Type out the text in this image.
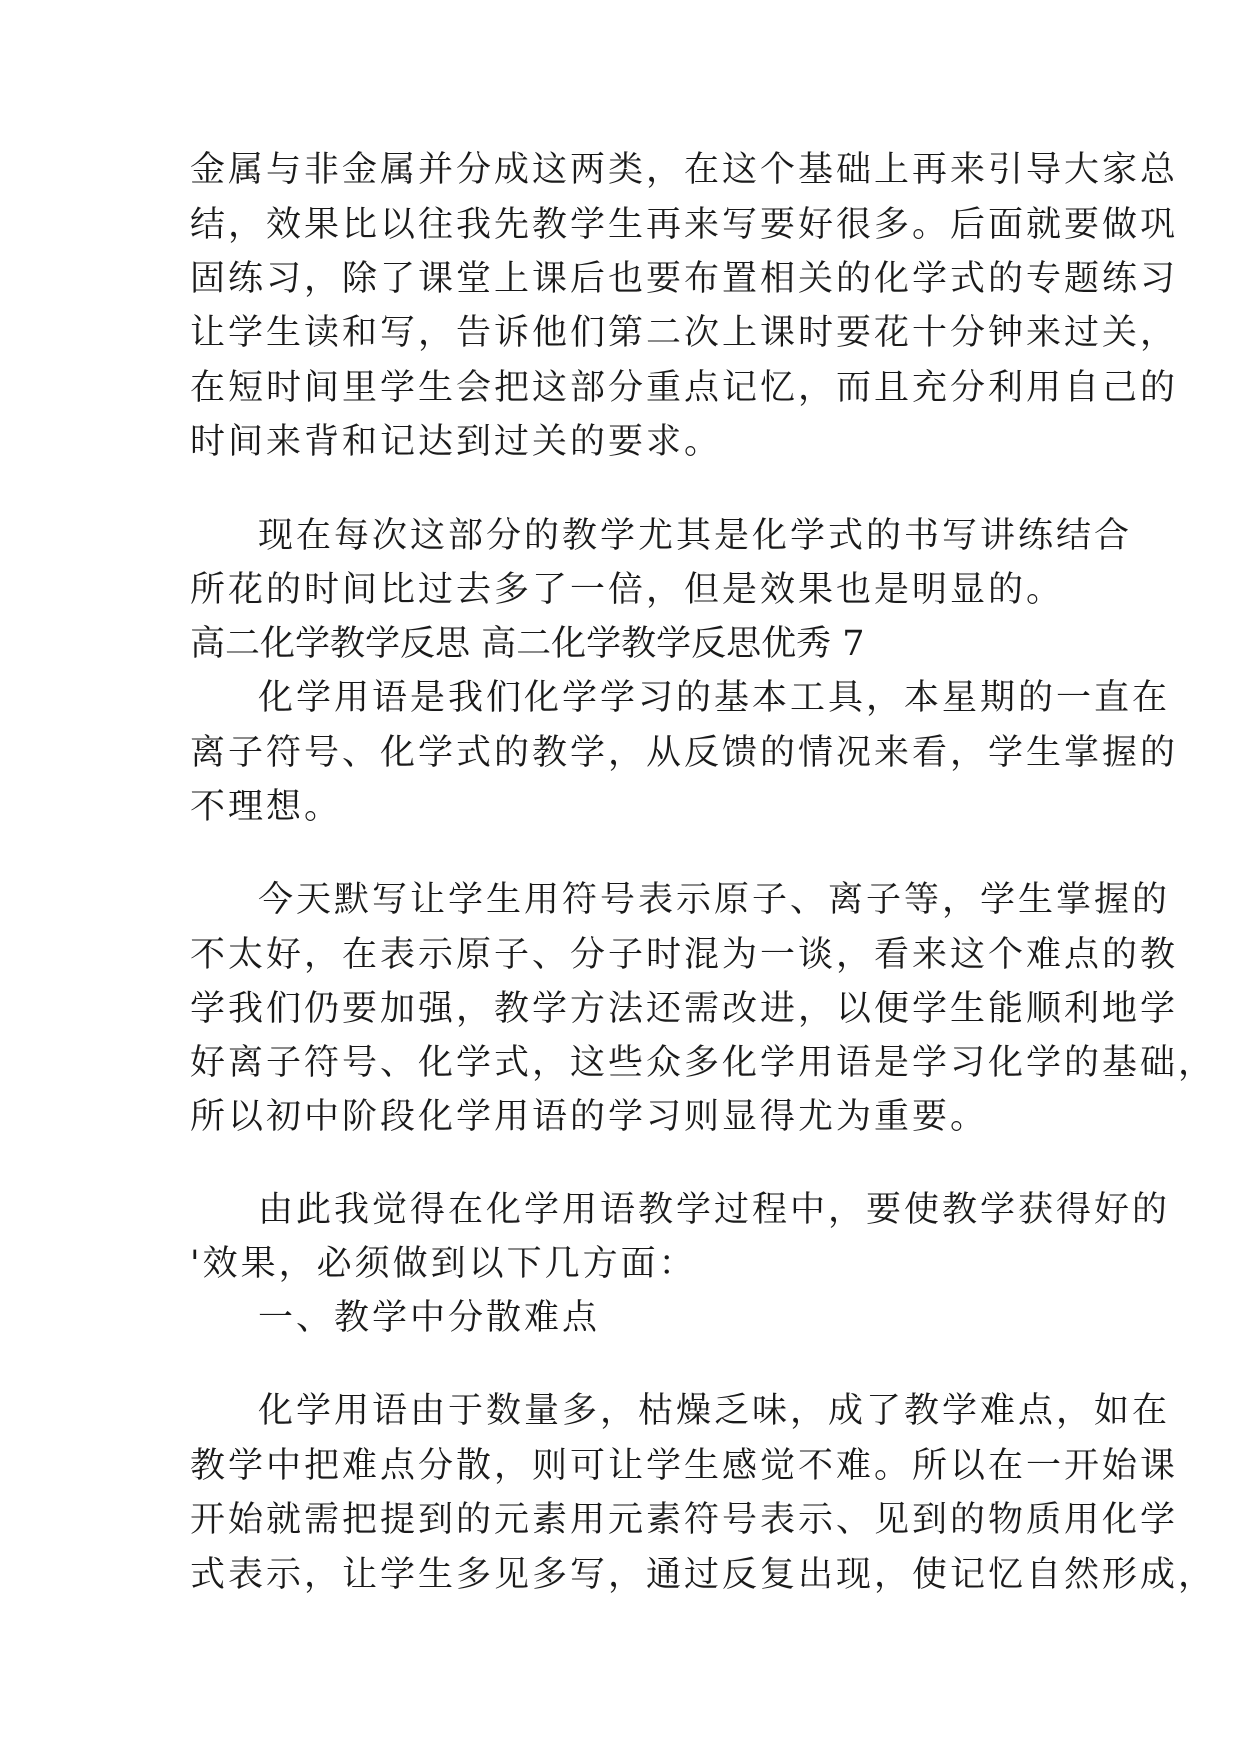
金属与非金属并分成这两类，在这个基础上再来引导大家总
结，效果比以往我先教学生再来写要好很多。后面就要做巩
固练习，除了课堂上课后也要布置相关的化学式的专题练习
让学生读和写，告诉他们第二次上课时要花十分钟来过关，
在短时间里学生会把这部分重点记忆，而且充分利用自己的
时间来背和记达到过关的要求。
现在每次这部分的教学尤其是化学式的书写讲练结合
所花的时间比过去多了一倍，但是效果也是明显的。
高二化学教学反思 高二化学教学反思优秀 7
化学用语是我们化学学习的基本工具，本星期的一直在
离子符号、化学式的教学，从反馈的情况来看，学生掌握的
不理想。
今天默写让学生用符号表示原子、离子等，学生掌握的
不太好，在表示原子、分子时混为一谈，看来这个难点的教
学我们仍要加强，教学方法还需改进，以便学生能顺利地学
好离子符号、化学式，这些众多化学用语是学习化学的基础，
所以初中阶段化学用语的学习则显得尤为重要。
由此我觉得在化学用语教学过程中，要使教学获得好的
'效果，必须做到以下几方面：
一、教学中分散难点
化学用语由于数量多，枯燥乏味，成了教学难点，如在
教学中把难点分散，则可让学生感觉不难。所以在一开始课
开始就需把提到的元素用元素符号表示、见到的物质用化学
式表示，让学生多见多写，通过反复出现，使记忆自然形成，
